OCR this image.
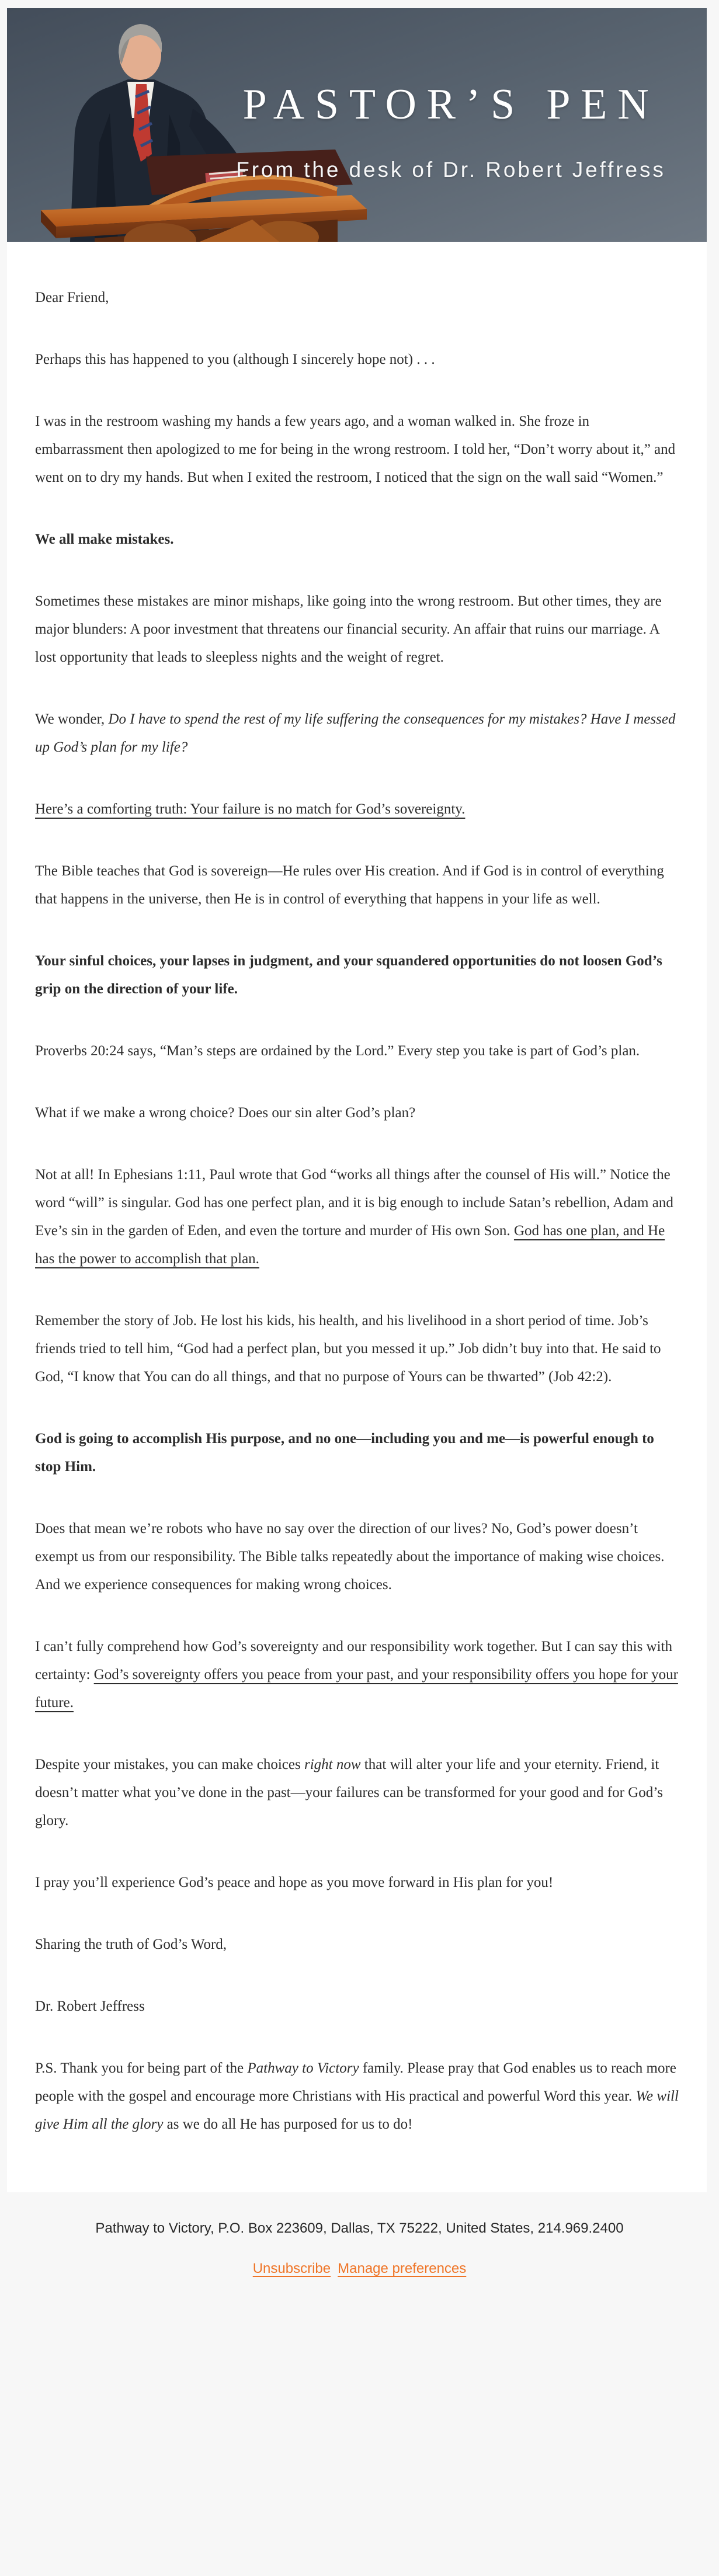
PASTOR’S PEN
From the desk of Dr. Robert Jeffress

Dear Friend,

Perhaps this has happened to you (although I sincerely hope not) . . .

I was in the restroom washing my hands a few years ago, and a woman walked in. She froze in embarrassment then apologized to me for being in the wrong restroom. I told her, “Don’t worry about it,” and went on to dry my hands. But when I exited the restroom, I noticed that the sign on the wall said “Women.”

We all make mistakes.

Sometimes these mistakes are minor mishaps, like going into the wrong restroom. But other times, they are major blunders: A poor investment that threatens our financial security. An affair that ruins our marriage. A lost opportunity that leads to sleepless nights and the weight of regret.

We wonder, Do I have to spend the rest of my life suffering the consequences for my mistakes? Have I messed up God’s plan for my life?

Here’s a comforting truth: Your failure is no match for God’s sovereignty.

The Bible teaches that God is sovereign—He rules over His creation. And if God is in control of everything that happens in the universe, then He is in control of everything that happens in your life as well.

Your sinful choices, your lapses in judgment, and your squandered opportunities do not loosen God’s grip on the direction of your life.

Proverbs 20:24 says, “Man’s steps are ordained by the Lord.” Every step you take is part of God’s plan.

What if we make a wrong choice? Does our sin alter God’s plan?

Not at all! In Ephesians 1:11, Paul wrote that God “works all things after the counsel of His will.” Notice the word “will” is singular. God has one perfect plan, and it is big enough to include Satan’s rebellion, Adam and Eve’s sin in the garden of Eden, and even the torture and murder of His own Son. God has one plan, and He has the power to accomplish that plan.

Remember the story of Job. He lost his kids, his health, and his livelihood in a short period of time. Job’s friends tried to tell him, “God had a perfect plan, but you messed it up.” Job didn’t buy into that. He said to God, “I know that You can do all things, and that no purpose of Yours can be thwarted” (Job 42:2).

God is going to accomplish His purpose, and no one—including you and me—is powerful enough to stop Him.

Does that mean we’re robots who have no say over the direction of our lives? No, God’s power doesn’t exempt us from our responsibility. The Bible talks repeatedly about the importance of making wise choices. And we experience consequences for making wrong choices.

I can’t fully comprehend how God’s sovereignty and our responsibility work together. But I can say this with certainty: God’s sovereignty offers you peace from your past, and your responsibility offers you hope for your future.

Despite your mistakes, you can make choices right now that will alter your life and your eternity. Friend, it doesn’t matter what you’ve done in the past—your failures can be transformed for your good and for God’s glory.

I pray you’ll experience God’s peace and hope as you move forward in His plan for you!

Sharing the truth of God’s Word,

Dr. Robert Jeffress

P.S. Thank you for being part of the Pathway to Victory family. Please pray that God enables us to reach more people with the gospel and encourage more Christians with His practical and powerful Word this year. We will give Him all the glory as we do all He has purposed for us to do!

Pathway to Victory, P.O. Box 223609, Dallas, TX 75222, United States, 214.969.2400

Unsubscribe Manage preferences
